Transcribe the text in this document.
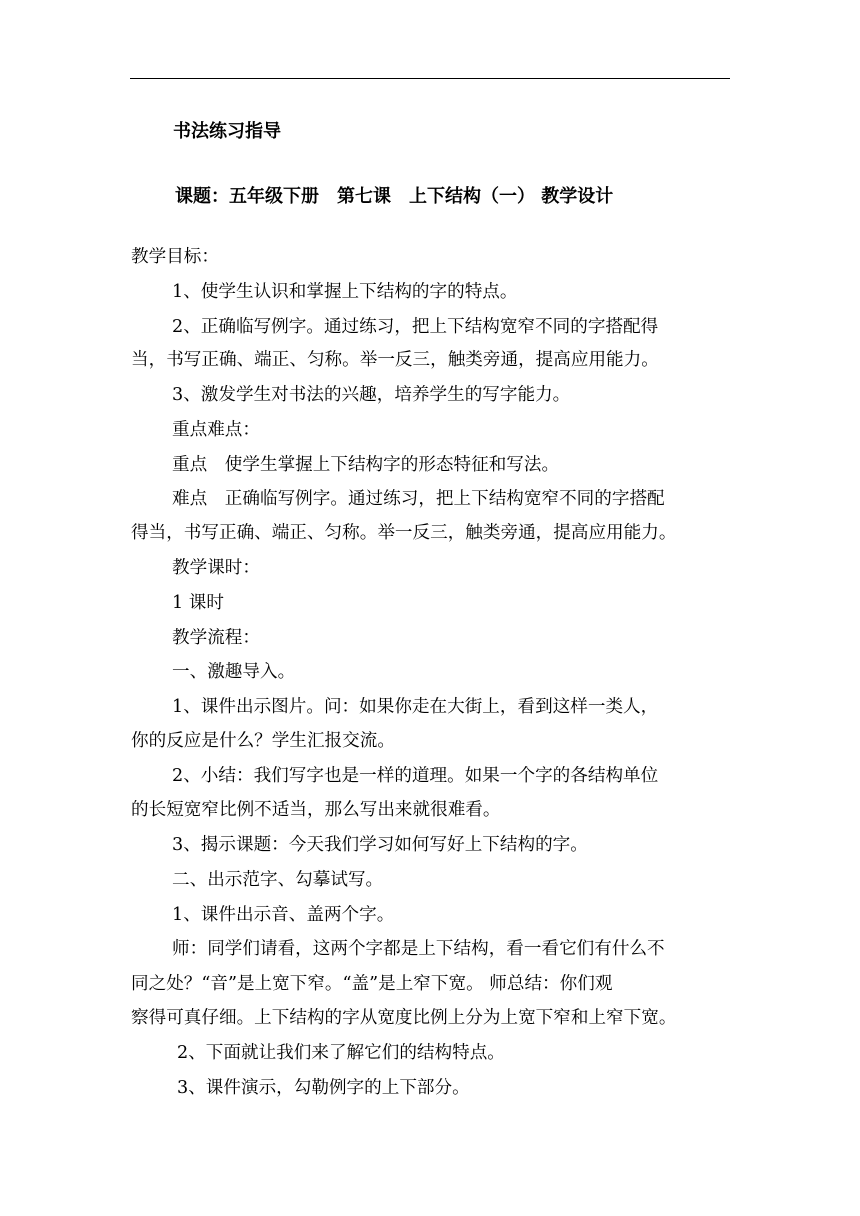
书法练习指导
课题：五年级下册　第七课　上下结构（一） 教学设计
教学目标：
1、使学生认识和掌握上下结构的字的特点。
2、正确临写例字。通过练习，把上下结构宽窄不同的字搭配得
当，书写正确、端正、匀称。举一反三，触类旁通，提高应用能力。
3、激发学生对书法的兴趣，培养学生的写字能力。
重点难点：
重点　使学生掌握上下结构字的形态特征和写法。
难点　正确临写例字。通过练习，把上下结构宽窄不同的字搭配
得当，书写正确、端正、匀称。举一反三，触类旁通，提高应用能力。
教学课时：
1 课时
教学流程：
一、激趣导入。
1、课件出示图片。问：如果你走在大街上，看到这样一类人，
你的反应是什么？学生汇报交流。
2、小结：我们写字也是一样的道理。如果一个字的各结构单位
的长短宽窄比例不适当，那么写出来就很难看。
3、揭示课题：今天我们学习如何写好上下结构的字。
二、出示范字、勾摹试写。
1、课件出示音、盖两个字。
师：同学们请看，这两个字都是上下结构，看一看它们有什么不
同之处？“音”是上宽下窄。“盖”是上窄下宽。 师总结：你们观
察得可真仔细。上下结构的字从宽度比例上分为上宽下窄和上窄下宽。
2、下面就让我们来了解它们的结构特点。
3、课件演示，勾勒例字的上下部分。
